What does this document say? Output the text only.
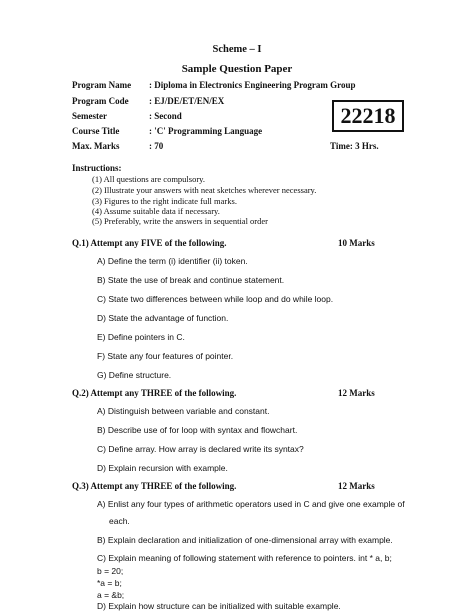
Scheme – I
Sample Question Paper
Program Name : Diploma in Electronics Engineering Program Group
Program Code : EJ/DE/ET/EN/EX
Semester	: Second
Course Title	: 'C' Programming Language
Max. Marks	: 70
22218
Time: 3 Hrs.
Instructions:
(1) All questions are compulsory.
(2) Illustrate your answers with neat sketches wherever necessary.
(3) Figures to the right indicate full marks.
(4) Assume suitable data if necessary.
(5) Preferably, write the answers in sequential order
Q.1) Attempt any FIVE of the following.	10 Marks
A) Define the term (i) identifier (ii) token.
B) State the use of break and continue statement.
C) State two differences between while loop and do while loop.
D) State the advantage of function.
E) Define pointers in C.
F) State any four features of pointer.
G) Define structure.
Q.2) Attempt any THREE of the following.	12 Marks
A) Distinguish between variable and constant.
B) Describe use of for loop with syntax and flowchart.
C) Define array. How array is declared write its syntax?
D) Explain recursion with example.
Q.3) Attempt any THREE of the following.	12 Marks
A) Enlist any four types of arithmetic operators used in C and give one example of
each.
B) Explain declaration and initialization of one-dimensional array with example.
C) Explain meaning of following statement with reference to pointers. int * a, b;
b = 20;
*a = b;
a = &b;
D) Explain how structure can be initialized with suitable example.
